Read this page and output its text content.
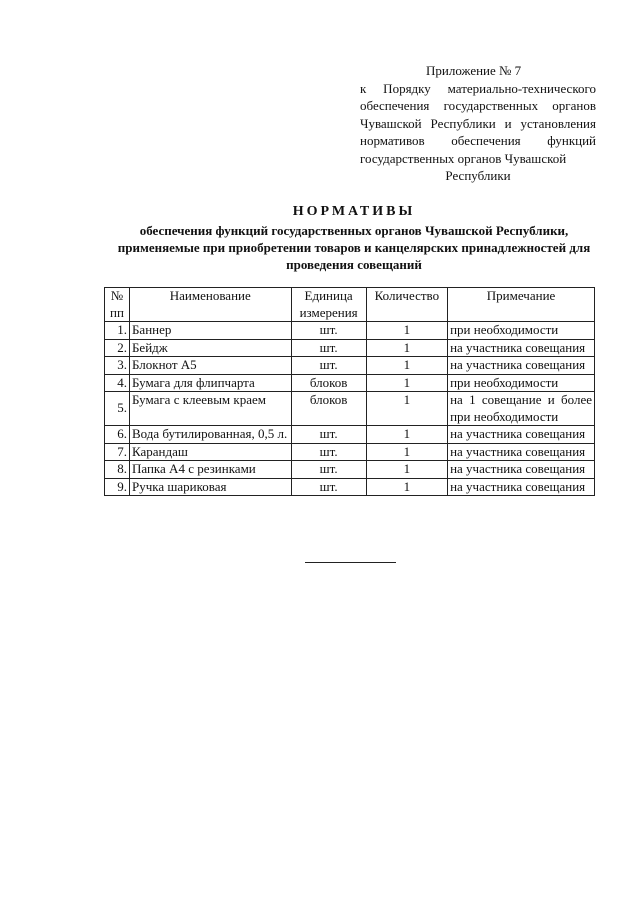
Приложение № 7
к Порядку материально-технического обеспечения государственных органов Чувашской Республики и установления нормативов обеспечения функций государственных органов Чувашской
Республики
НОРМАТИВЫ
обеспечения функций государственных органов Чувашской Республики, применяемые при приобретении товаров и канцелярских принадлежностей для проведения совещаний
№ пп	Наименование	Единица измерения	Количество	Примечание
1.	Баннер	шт.	1	при необходимости
2.	Бейдж	шт.	1	на участника совещания
3.	Блокнот А5	шт.	1	на участника совещания
4.	Бумага для флипчарта	блоков	1	при необходимости
5.	Бумага с клеевым краем	блоков	1	на 1 совещание и более при необходимости
6.	Вода бутилированная, 0,5 л.	шт.	1	на участника совещания
7.	Карандаш	шт.	1	на участника совещания
8.	Папка А4 с резинками	шт.	1	на участника совещания
9.	Ручка шариковая	шт.	1	на участника совещания
